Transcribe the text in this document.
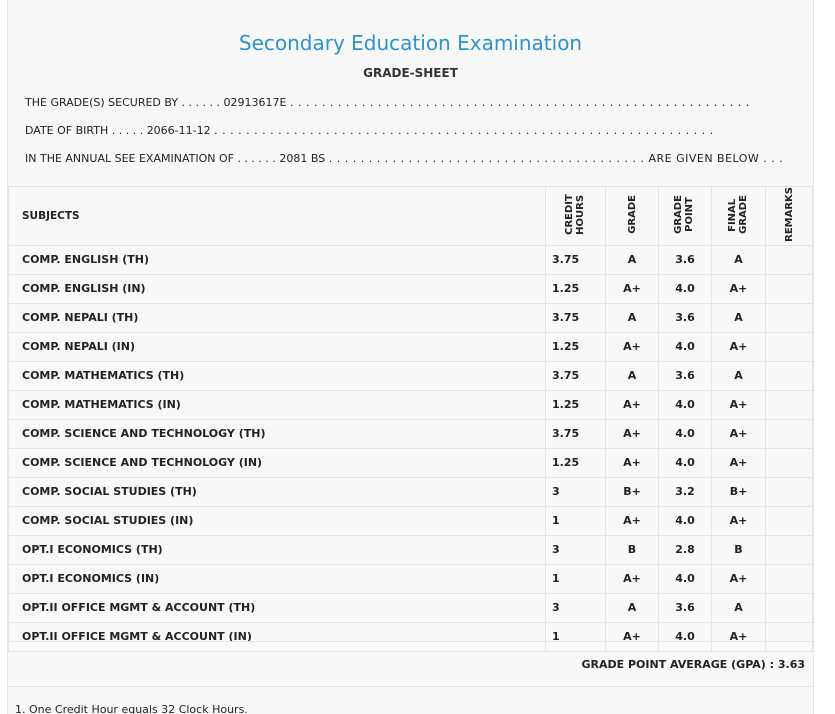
Secondary Education Examination
GRADE-SHEET
THE GRADE(S) SECURED BY . . . . . . 02913617E . . . . . . . . . . . . . . . . . . . . . . . . . . . . . . . . . . . . . . . . . . . . . . . . . . . . . . . . . .
DATE OF BIRTH . . . . . 2066-11-12 . . . . . . . . . . . . . . . . . . . . . . . . . . . . . . . . . . . . . . . . . . . . . . . . . . . . . . . . . . . . . . .
IN THE ANNUAL SEE EXAMINATION OF . . . . . . 2081 BS . . . . . . . . . . . . . . . . . . . . . . . . . . . . . . . . . . . . . . . . ARE GIVEN BELOW . . .
SUBJECTS	CREDIT HOURS	GRADE	GRADE POINT	FINAL GRADE	REMARKS
COMP. ENGLISH (TH)	3.75	A	3.6	A	
COMP. ENGLISH (IN)	1.25	A+	4.0	A+	
COMP. NEPALI (TH)	3.75	A	3.6	A	
COMP. NEPALI (IN)	1.25	A+	4.0	A+	
COMP. MATHEMATICS (TH)	3.75	A	3.6	A	
COMP. MATHEMATICS (IN)	1.25	A+	4.0	A+	
COMP. SCIENCE AND TECHNOLOGY (TH)	3.75	A+	4.0	A+	
COMP. SCIENCE AND TECHNOLOGY (IN)	1.25	A+	4.0	A+	
COMP. SOCIAL STUDIES (TH)	3	B+	3.2	B+	
COMP. SOCIAL STUDIES (IN)	1	A+	4.0	A+	
OPT.I ECONOMICS (TH)	3	B	2.8	B	
OPT.I ECONOMICS (IN)	1	A+	4.0	A+	
OPT.II OFFICE MGMT & ACCOUNT (TH)	3	A	3.6	A	
OPT.II OFFICE MGMT & ACCOUNT (IN)	1	A+	4.0	A+	
GRADE POINT AVERAGE (GPA) : 3.63
1. One Credit Hour equals 32 Clock Hours.
